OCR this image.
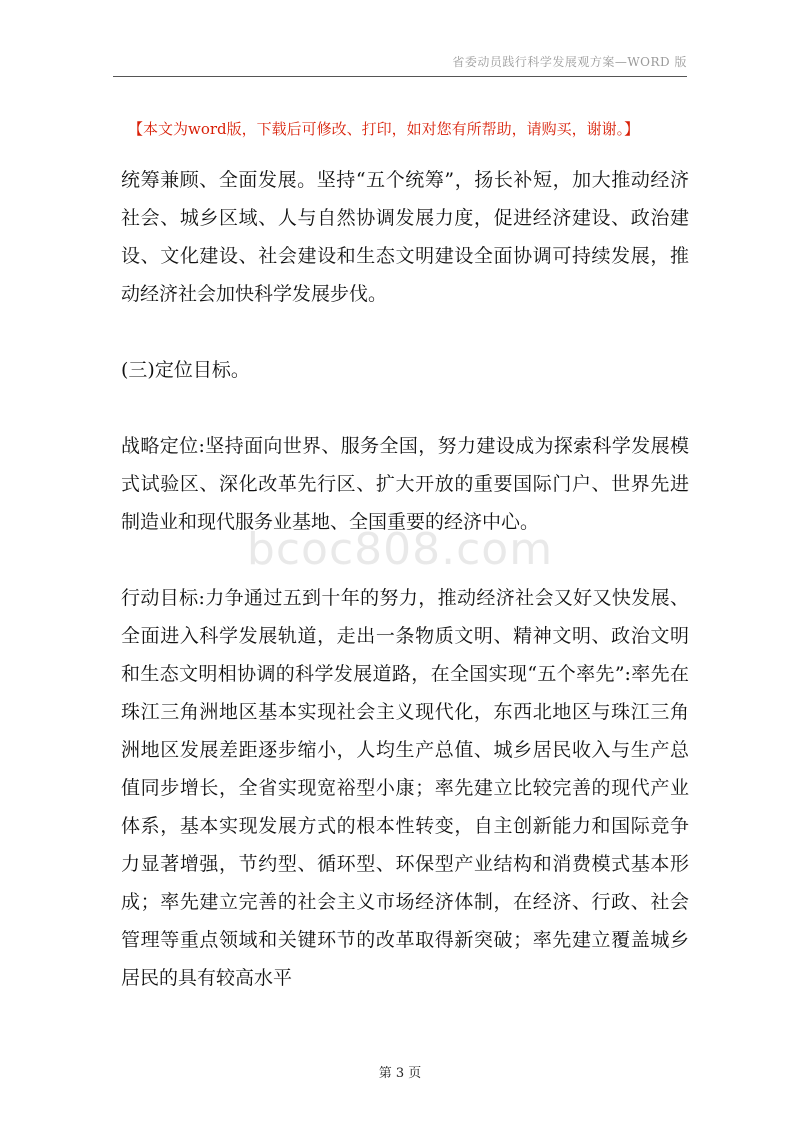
省委动员践行科学发展观方案—WORD 版
【本文为word版，下载后可修改、打印，如对您有所帮助，请购买，谢谢。】

统筹兼顾、全面发展。坚持“五个统筹”，扬长补短，加大推动经济社会、城乡区域、人与自然协调发展力度，促进经济建设、政治建设、文化建设、社会建设和生态文明建设全面协调可持续发展，推动经济社会加快科学发展步伐。

(三)定位目标。

战略定位:坚持面向世界、服务全国，努力建设成为探索科学发展模式试验区、深化改革先行区、扩大开放的重要国际门户、世界先进制造业和现代服务业基地、全国重要的经济中心。

行动目标:力争通过五到十年的努力，推动经济社会又好又快发展、全面进入科学发展轨道，走出一条物质文明、精神文明、政治文明和生态文明相协调的科学发展道路，在全国实现“五个率先”:率先在珠江三角洲地区基本实现社会主义现代化，东西北地区与珠江三角洲地区发展差距逐步缩小，人均生产总值、城乡居民收入与生产总值同步增长，全省实现宽裕型小康；率先建立比较完善的现代产业体系，基本实现发展方式的根本性转变，自主创新能力和国际竞争力显著增强，节约型、循环型、环保型产业结构和消费模式基本形成；率先建立完善的社会主义市场经济体制，在经济、行政、社会管理等重点领域和关键环节的改革取得新突破；率先建立覆盖城乡居民的具有较高水平

bcoc808.com
第 3 页
